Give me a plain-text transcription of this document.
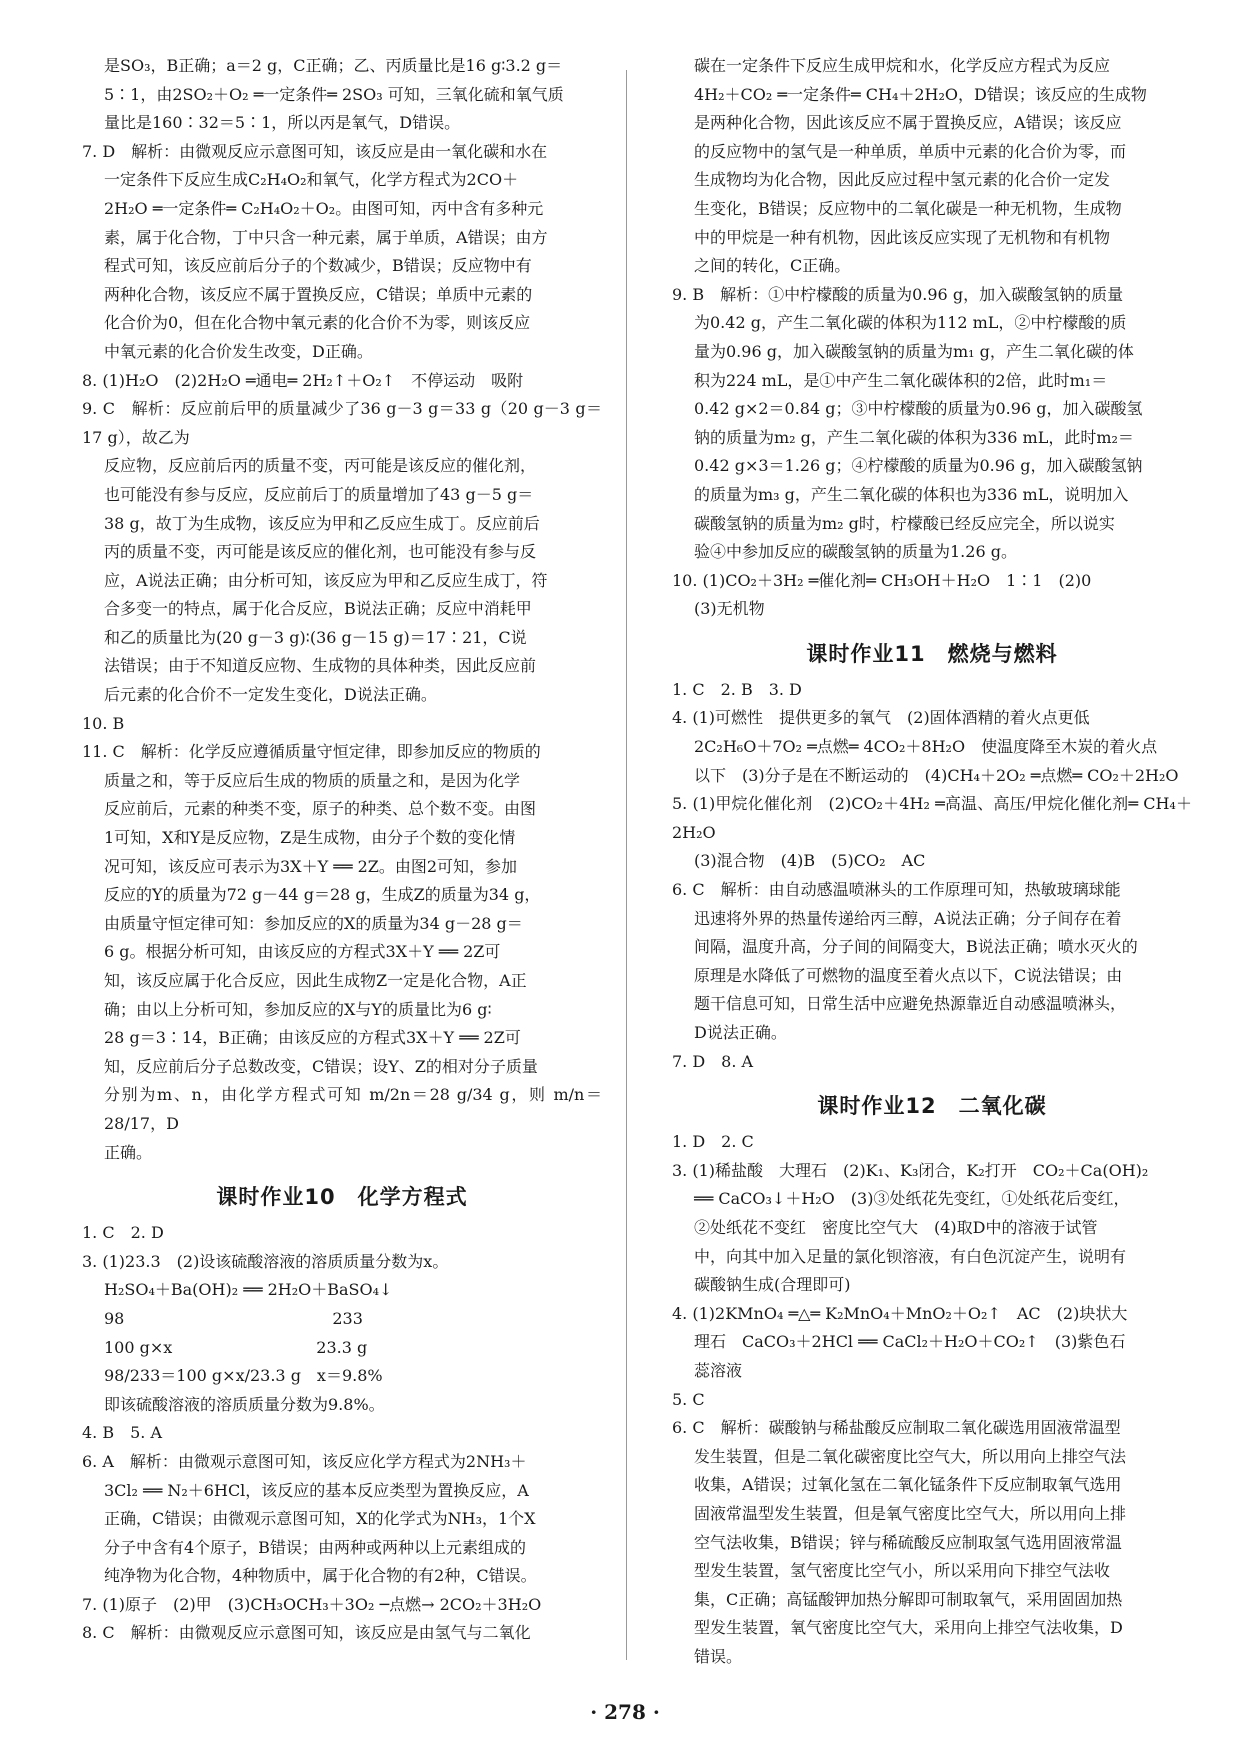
是SO₃，B正确；a＝2 g，C正确；乙、丙质量比是16 g∶3.2 g＝
5∶1，由2SO₂＋O₂ ═一定条件═ 2SO₃ 可知，三氧化硫和氧气质
量比是160∶32＝5∶1，所以丙是氧气，D错误。
7. D　解析：由微观反应示意图可知，该反应是由一氧化碳和水在
一定条件下反应生成C₂H₄O₂和氧气，化学方程式为2CO＋
2H₂O ═一定条件═ C₂H₄O₂＋O₂。由图可知，丙中含有多种元
素，属于化合物，丁中只含一种元素，属于单质，A错误；由方
程式可知，该反应前后分子的个数减少，B错误；反应物中有
两种化合物，该反应不属于置换反应，C错误；单质中元素的
化合价为0，但在化合物中氧元素的化合价不为零，则该反应
中氧元素的化合价发生改变，D正确。
8. (1)H₂O　(2)2H₂O ═通电═ 2H₂↑＋O₂↑　不停运动　吸附
9. C　解析：反应前后甲的质量减少了36 g－3 g＝33 g（20 g－3 g＝17 g），故乙为
反应物，反应前后丙的质量不变，丙可能是该反应的催化剂，
也可能没有参与反应，反应前后丁的质量增加了43 g－5 g＝
38 g，故丁为生成物，该反应为甲和乙反应生成丁。反应前后
丙的质量不变，丙可能是该反应的催化剂，也可能没有参与反
应，A说法正确；由分析可知，该反应为甲和乙反应生成丁，符
合多变一的特点，属于化合反应，B说法正确；反应中消耗甲
和乙的质量比为(20 g－3 g)∶(36 g－15 g)＝17∶21，C说
法错误；由于不知道反应物、生成物的具体种类，因此反应前
后元素的化合价不一定发生变化，D说法正确。
10. B
11. C　解析：化学反应遵循质量守恒定律，即参加反应的物质的
质量之和，等于反应后生成的物质的质量之和，是因为化学
反应前后，元素的种类不变，原子的种类、总个数不变。由图
1可知，X和Y是反应物，Z是生成物，由分子个数的变化情
况可知，该反应可表示为3X＋Y ══ 2Z。由图2可知，参加
反应的Y的质量为72 g－44 g＝28 g，生成Z的质量为34 g，
由质量守恒定律可知：参加反应的X的质量为34 g－28 g＝
6 g。根据分析可知，由该反应的方程式3X＋Y ══ 2Z可
知，该反应属于化合反应，因此生成物Z一定是化合物，A正
确；由以上分析可知，参加反应的X与Y的质量比为6 g∶
28 g＝3∶14，B正确；由该反应的方程式3X＋Y ══ 2Z可
知，反应前后分子总数改变，C错误；设Y、Z的相对分子质量
分别为m、n，由化学方程式可知 m/2n＝28 g/34 g，则 m/n＝28/17，D
正确。
课时作业10　化学方程式
1. C　2. D
3. (1)23.3　(2)设该硫酸溶液的溶质质量分数为x。
H₂SO₄＋Ba(OH)₂ ══ 2H₂O＋BaSO₄↓
98　　　　　　　　　　　　　233
100 g×x　　　　　　　　　23.3 g
98/233＝100 g×x/23.3 g　x＝9.8%
即该硫酸溶液的溶质质量分数为9.8%。
4. B　5. A
6. A　解析：由微观示意图可知，该反应化学方程式为2NH₃＋
3Cl₂ ══ N₂＋6HCl，该反应的基本反应类型为置换反应，A
正确，C错误；由微观示意图可知，X的化学式为NH₃，1个X
分子中含有4个原子，B错误；由两种或两种以上元素组成的
纯净物为化合物，4种物质中，属于化合物的有2种，C错误。
7. (1)原子　(2)甲　(3)CH₃OCH₃＋3O₂ ─点燃→ 2CO₂＋3H₂O
8. C　解析：由微观反应示意图可知，该反应是由氢气与二氧化
碳在一定条件下反应生成甲烷和水，化学反应方程式为反应
4H₂＋CO₂ ═一定条件═ CH₄＋2H₂O，D错误；该反应的生成物
是两种化合物，因此该反应不属于置换反应，A错误；该反应
的反应物中的氢气是一种单质，单质中元素的化合价为零，而
生成物均为化合物，因此反应过程中氢元素的化合价一定发
生变化，B错误；反应物中的二氧化碳是一种无机物，生成物
中的甲烷是一种有机物，因此该反应实现了无机物和有机物
之间的转化，C正确。
9. B　解析：①中柠檬酸的质量为0.96 g，加入碳酸氢钠的质量
为0.42 g，产生二氧化碳的体积为112 mL，②中柠檬酸的质
量为0.96 g，加入碳酸氢钠的质量为m₁ g，产生二氧化碳的体
积为224 mL，是①中产生二氧化碳体积的2倍，此时m₁＝
0.42 g×2＝0.84 g；③中柠檬酸的质量为0.96 g，加入碳酸氢
钠的质量为m₂ g，产生二氧化碳的体积为336 mL，此时m₂＝
0.42 g×3＝1.26 g；④柠檬酸的质量为0.96 g，加入碳酸氢钠
的质量为m₃ g，产生二氧化碳的体积也为336 mL，说明加入
碳酸氢钠的质量为m₂ g时，柠檬酸已经反应完全，所以说实
验④中参加反应的碳酸氢钠的质量为1.26 g。
10. (1)CO₂＋3H₂ ═催化剂═ CH₃OH＋H₂O　1∶1　(2)0
(3)无机物
课时作业11　燃烧与燃料
1. C　2. B　3. D
4. (1)可燃性　提供更多的氧气　(2)固体酒精的着火点更低
2C₂H₆O＋7O₂ ═点燃═ 4CO₂＋8H₂O　使温度降至木炭的着火点
以下　(3)分子是在不断运动的　(4)CH₄＋2O₂ ═点燃═ CO₂＋2H₂O
5. (1)甲烷化催化剂　(2)CO₂＋4H₂ ═高温、高压/甲烷化催化剂═ CH₄＋2H₂O
(3)混合物　(4)B　(5)CO₂　AC
6. C　解析：由自动感温喷淋头的工作原理可知，热敏玻璃球能
迅速将外界的热量传递给丙三醇，A说法正确；分子间存在着
间隔，温度升高，分子间的间隔变大，B说法正确；喷水灭火的
原理是水降低了可燃物的温度至着火点以下，C说法错误；由
题干信息可知，日常生活中应避免热源靠近自动感温喷淋头，
D说法正确。
7. D　8. A
课时作业12　二氧化碳
1. D　2. C
3. (1)稀盐酸　大理石　(2)K₁、K₃闭合，K₂打开　CO₂＋Ca(OH)₂
══ CaCO₃↓＋H₂O　(3)③处纸花先变红，①处纸花后变红，
②处纸花不变红　密度比空气大　(4)取D中的溶液于试管
中，向其中加入足量的氯化钡溶液，有白色沉淀产生，说明有
碳酸钠生成(合理即可)
4. (1)2KMnO₄ ═△═ K₂MnO₄＋MnO₂＋O₂↑　AC　(2)块状大
理石　CaCO₃＋2HCl ══ CaCl₂＋H₂O＋CO₂↑　(3)紫色石
蕊溶液
5. C
6. C　解析：碳酸钠与稀盐酸反应制取二氧化碳选用固液常温型
发生装置，但是二氧化碳密度比空气大，所以用向上排空气法
收集，A错误；过氧化氢在二氧化锰条件下反应制取氧气选用
固液常温型发生装置，但是氧气密度比空气大，所以用向上排
空气法收集，B错误；锌与稀硫酸反应制取氢气选用固液常温
型发生装置，氢气密度比空气小，所以采用向下排空气法收
集，C正确；高锰酸钾加热分解即可制取氧气，采用固固加热
型发生装置，氧气密度比空气大，采用向上排空气法收集，D
错误。
· 278 ·
